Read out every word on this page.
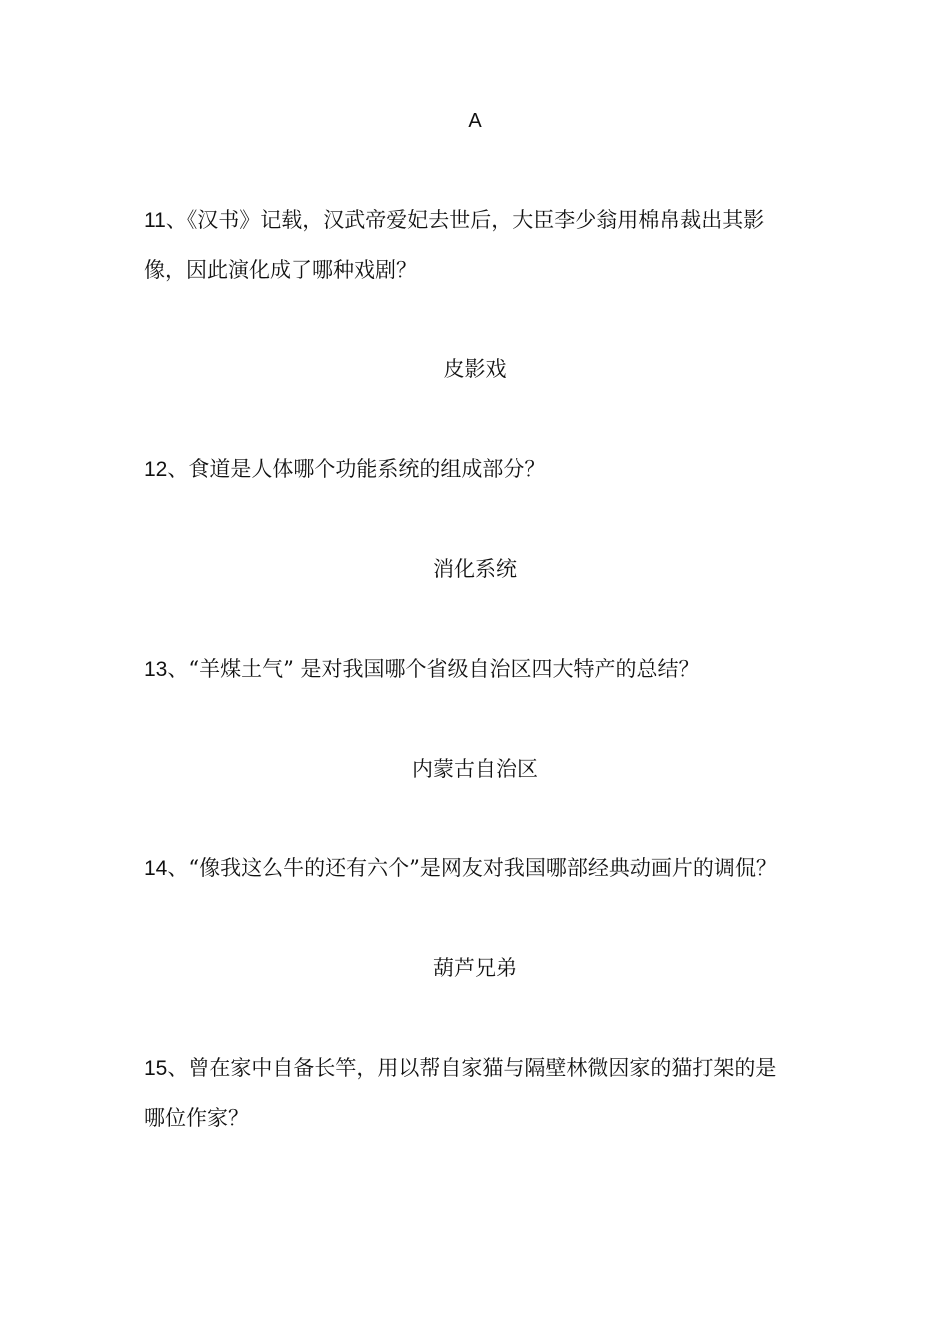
A
11、《汉书》记载，汉武帝爱妃去世后，大臣李少翁用棉帛裁出其影
像，因此演化成了哪种戏剧？
皮影戏
12、食道是人体哪个功能系统的组成部分？
消化系统
13、“羊煤土气” 是对我国哪个省级自治区四大特产的总结？
内蒙古自治区
14、“像我这么牛的还有六个”是网友对我国哪部经典动画片的调侃？
葫芦兄弟
15、曾在家中自备长竿，用以帮自家猫与隔壁林微因家的猫打架的是
哪位作家？
